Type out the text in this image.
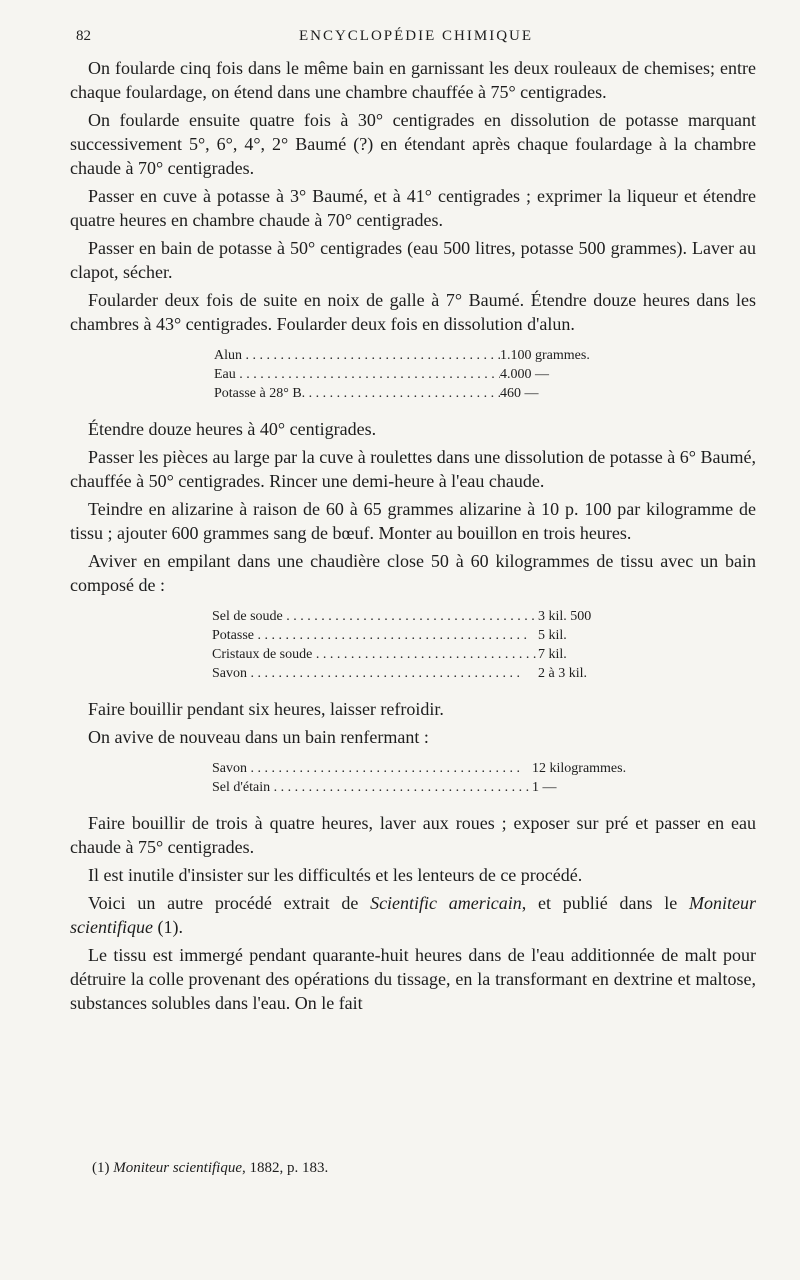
82	ENCYCLOPÉDIE CHIMIQUE

On foularde cinq fois dans le même bain en garnissant les deux rouleaux de chemises; entre chaque foulardage, on étend dans une chambre chauffée à 75° centigrades.

On foularde ensuite quatre fois à 30° centigrades en dissolution de potasse marquant successivement 5°, 6°, 4°, 2° Baumé (?) en étendant après chaque foulardage à la chambre chaude à 70° centigrades.

Passer en cuve à potasse à 3° Baumé, et à 41° centigrades ; exprimer la liqueur et étendre quatre heures en chambre chaude à 70° centigrades.

Passer en bain de potasse à 50° centigrades (eau 500 litres, potasse 500 grammes). Laver au clapot, sécher.

Foularder deux fois de suite en noix de galle à 7° Baumé. Étendre douze heures dans les chambres à 43° centigrades. Foularder deux fois en dissolution d'alun.

Alun . . .	1.100 grammes.
Eau . . .	4.000 —
Potasse à 28° B. . . .	460 —

Étendre douze heures à 40° centigrades.

Passer les pièces au large par la cuve à roulettes dans une dissolution de potasse à 6° Baumé, chauffée à 50° centigrades. Rincer une demi-heure à l'eau chaude.

Teindre en alizarine à raison de 60 à 65 grammes alizarine à 10 p. 100 par kilogramme de tissu ; ajouter 600 grammes sang de bœuf. Monter au bouillon en trois heures.

Aviver en empilant dans une chaudière close 50 à 60 kilogrammes de tissu avec un bain composé de :

Sel de soude . . .	3 kil. 500
Potasse . . .	5 kil.
Cristaux de soude . . .	7 kil.
Savon . . .	2 à 3 kil.

Faire bouillir pendant six heures, laisser refroidir.

On avive de nouveau dans un bain renfermant :

Savon . . .	12 kilogrammes.
Sel d'étain . . .	1 —

Faire bouillir de trois à quatre heures, laver aux roues ; exposer sur pré et passer en eau chaude à 75° centigrades.

Il est inutile d'insister sur les difficultés et les lenteurs de ce procédé.

Voici un autre procédé extrait de Scientific americain, et publié dans le Moniteur scientifique (1).

Le tissu est immergé pendant quarante-huit heures dans de l'eau additionnée de malt pour détruire la colle provenant des opérations du tissage, en la transformant en dextrine et maltose, substances solubles dans l'eau. On le fait

(1) Moniteur scientifique, 1882, p. 183.
